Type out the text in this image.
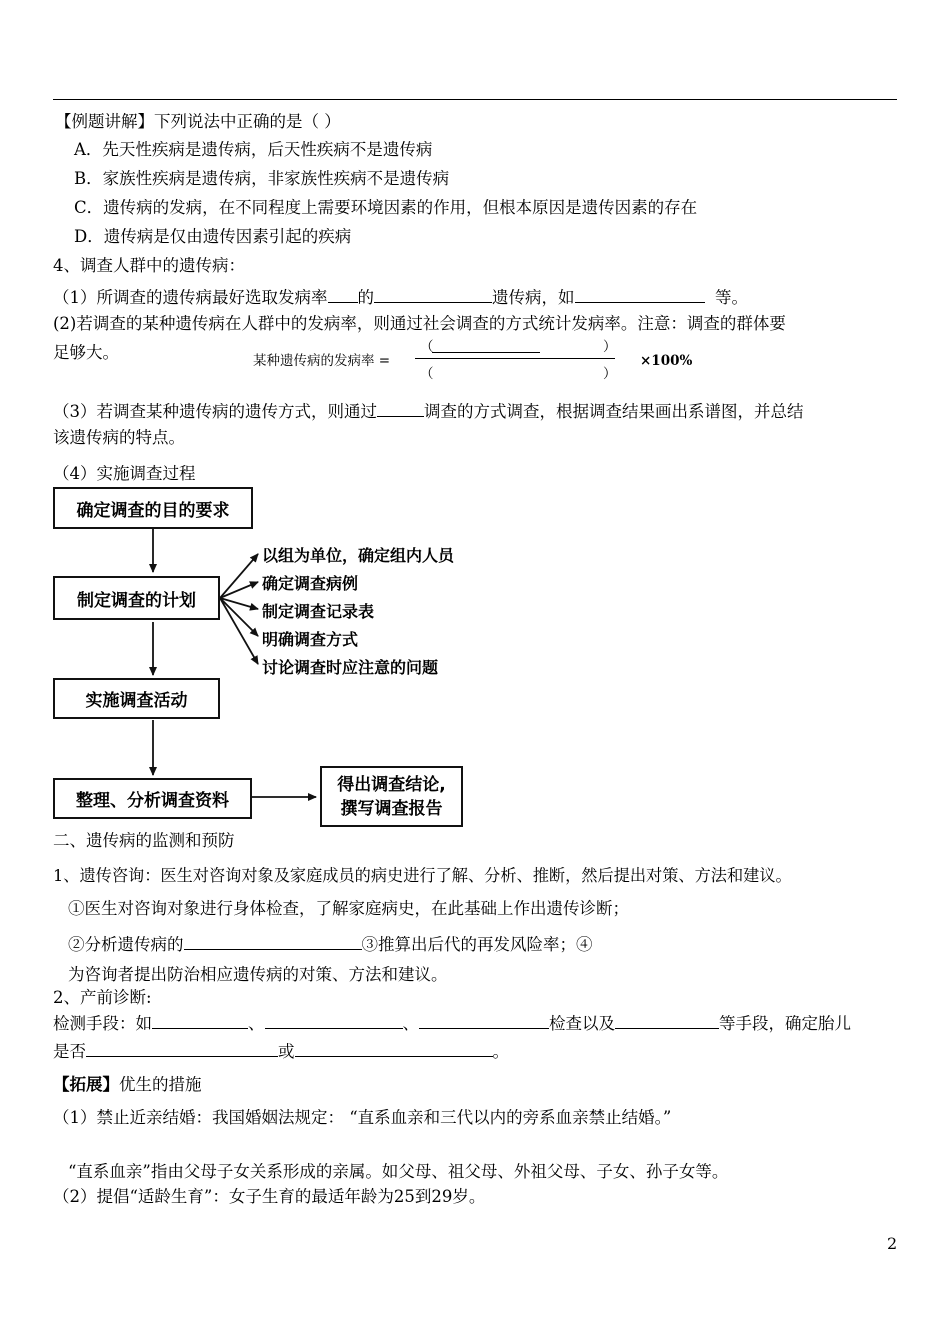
【例题讲解】下列说法中正确的是（ ）
A．先天性疾病是遗传病，后天性疾病不是遗传病
B．家族性疾病是遗传病，非家族性疾病不是遗传病
C．遗传病的发病，在不同程度上需要环境因素的作用，但根本原因是遗传因素的存在
D．遗传病是仅由遗传因素引起的疾病
4、调查人群中的遗传病：
（1）所调查的遗传病最好选取发病率 的	遗传病，如	等。
(2)若调查的某种遗传病在人群中的发病率，则通过社会调查的方式统计发病率。注意：调查的群体要
足够大。	某种遗传病的发病率 =
（	）
（	）
×100%
（3）若调查某种遗传病的遗传方式，则通过	调查的方式调查，根据调查结果画出系谱图，并总结
该遗传病的特点。
（4）实施调查过程
确定调查的目的要求
制定调查的计划
实施调查活动
整理、分析调查资料
得出调查结论,
撰写调查报告
以组为单位，确定组内人员
确定调查病例
制定调查记录表
明确调查方式
讨论调查时应注意的问题
二、遗传病的监测和预防
1、遗传咨询：医生对咨询对象及家庭成员的病史进行了解、分析、推断，然后提出对策、方法和建议。
①医生对咨询对象进行身体检查，了解家庭病史，在此基础上作出遗传诊断；
②分析遗传病的	③推算出后代的再发风险率；④
为咨询者提出防治相应遗传病的对策、方法和建议。
2、产前诊断:
检测手段：如	、	、	检查以及	等手段，确定胎儿
是否	或	。
【拓展】优生的措施
（1）禁止近亲结婚：我国婚姻法规定： “直系血亲和三代以内的旁系血亲禁止结婚。”
“直系血亲”指由父母子女关系形成的亲属。如父母、祖父母、外祖父母、子女、孙子女等。
（2）提倡“适龄生育”：女子生育的最适年龄为25到29岁。
2
